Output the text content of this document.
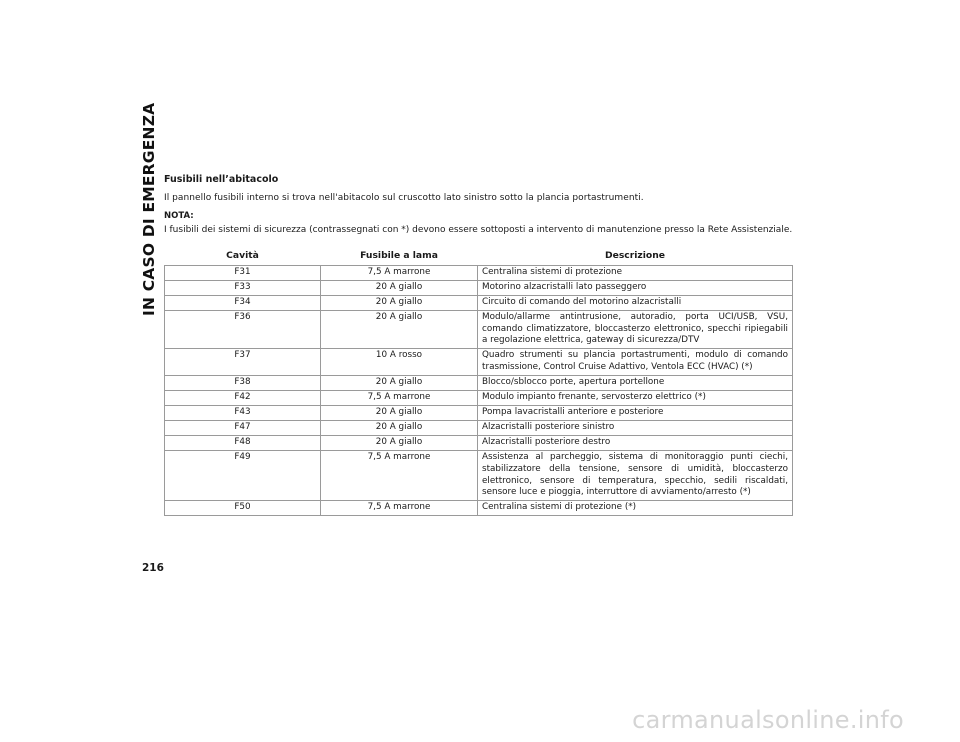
IN CASO DI EMERGENZA Fusibili nell’abitacolo
Il pannello fusibili interno si trova nell'abitacolo sul cruscotto lato sinistro sotto la plancia portastrumenti.
NOTA:
I fusibili dei sistemi di sicurezza (contrassegnati con *) devono essere sottoposti a intervento di manutenzione presso la Rete Assistenziale.
Cavità	Fusibile a lama	Descrizione
F31	7,5 A marrone	Centralina sistemi di protezione
F33	20 A giallo	Motorino alzacristalli lato passeggero
F34	20 A giallo	Circuito di comando del motorino alzacristalli
F36	20 A giallo	Modulo/allarme antintrusione, autoradio, porta UCI/USB, VSU, comando climatizzatore, bloccasterzo elettronico, specchi ripiegabili a regolazione elettrica, gateway di sicurezza/DTV
F37	10 A rosso	Quadro strumenti su plancia portastrumenti, modulo di comando trasmissione, Control Cruise Adattivo, Ventola ECC (HVAC) (*)
F38	20 A giallo	Blocco/sblocco porte, apertura portellone
F42	7,5 A marrone	Modulo impianto frenante, servosterzo elettrico (*)
F43	20 A giallo	Pompa lavacristalli anteriore e posteriore
F47	20 A giallo	Alzacristalli posteriore sinistro
F48	20 A giallo	Alzacristalli posteriore destro
F49	7,5 A marrone	Assistenza al parcheggio, sistema di monitoraggio punti ciechi, stabilizzatore della tensione, sensore di umidità, bloccasterzo elettronico, sensore di temperatura, specchio, sedili riscaldati, sensore luce e pioggia, interruttore di avviamento/arresto (*)
F50	7,5 A marrone	Centralina sistemi di protezione (*)
216
carmanualsonline.info
